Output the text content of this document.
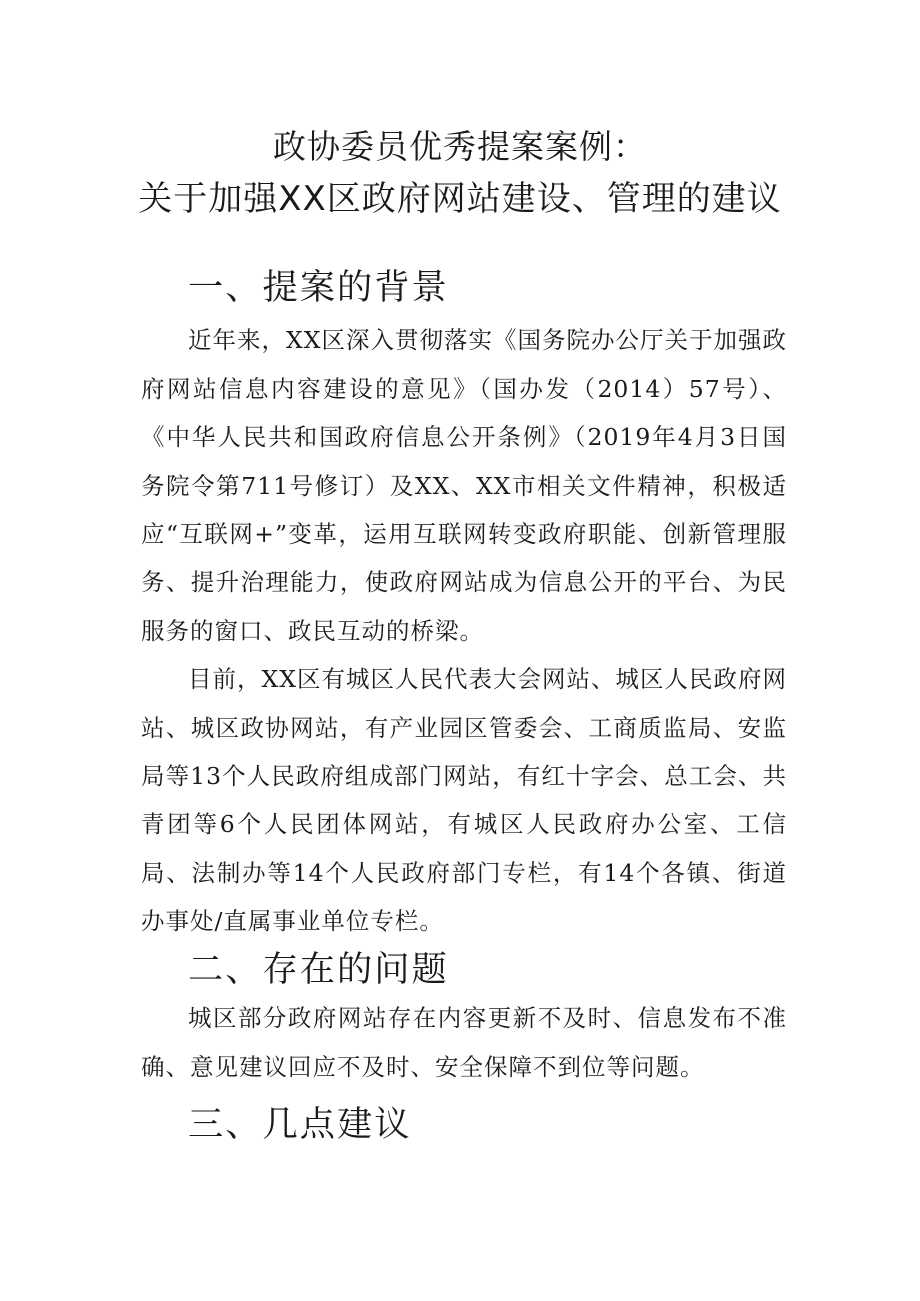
政协委员优秀提案案例：
关于加强XX区政府网站建设、管理的建议
一、提案的背景

近年来，XX区深入贯彻落实《国务院办公厅关于加强政府网站信息内容建设的意见》（国办发（2014）57号）、《中华人民共和国政府信息公开条例》（2019年4月3日国务院令第711号修订）及XX、XX市相关文件精神，积极适应“互联网+”变革，运用互联网转变政府职能、创新管理服务、提升治理能力，使政府网站成为信息公开的平台、为民服务的窗口、政民互动的桥梁。

目前，XX区有城区人民代表大会网站、城区人民政府网站、城区政协网站，有产业园区管委会、工商质监局、安监局等13个人民政府组成部门网站，有红十字会、总工会、共青团等6个人民团体网站，有城区人民政府办公室、工信局、法制办等14个人民政府部门专栏，有14个各镇、街道办事处/直属事业单位专栏。

二、存在的问题

城区部分政府网站存在内容更新不及时、信息发布不准确、意见建议回应不及时、安全保障不到位等问题。

三、几点建议
